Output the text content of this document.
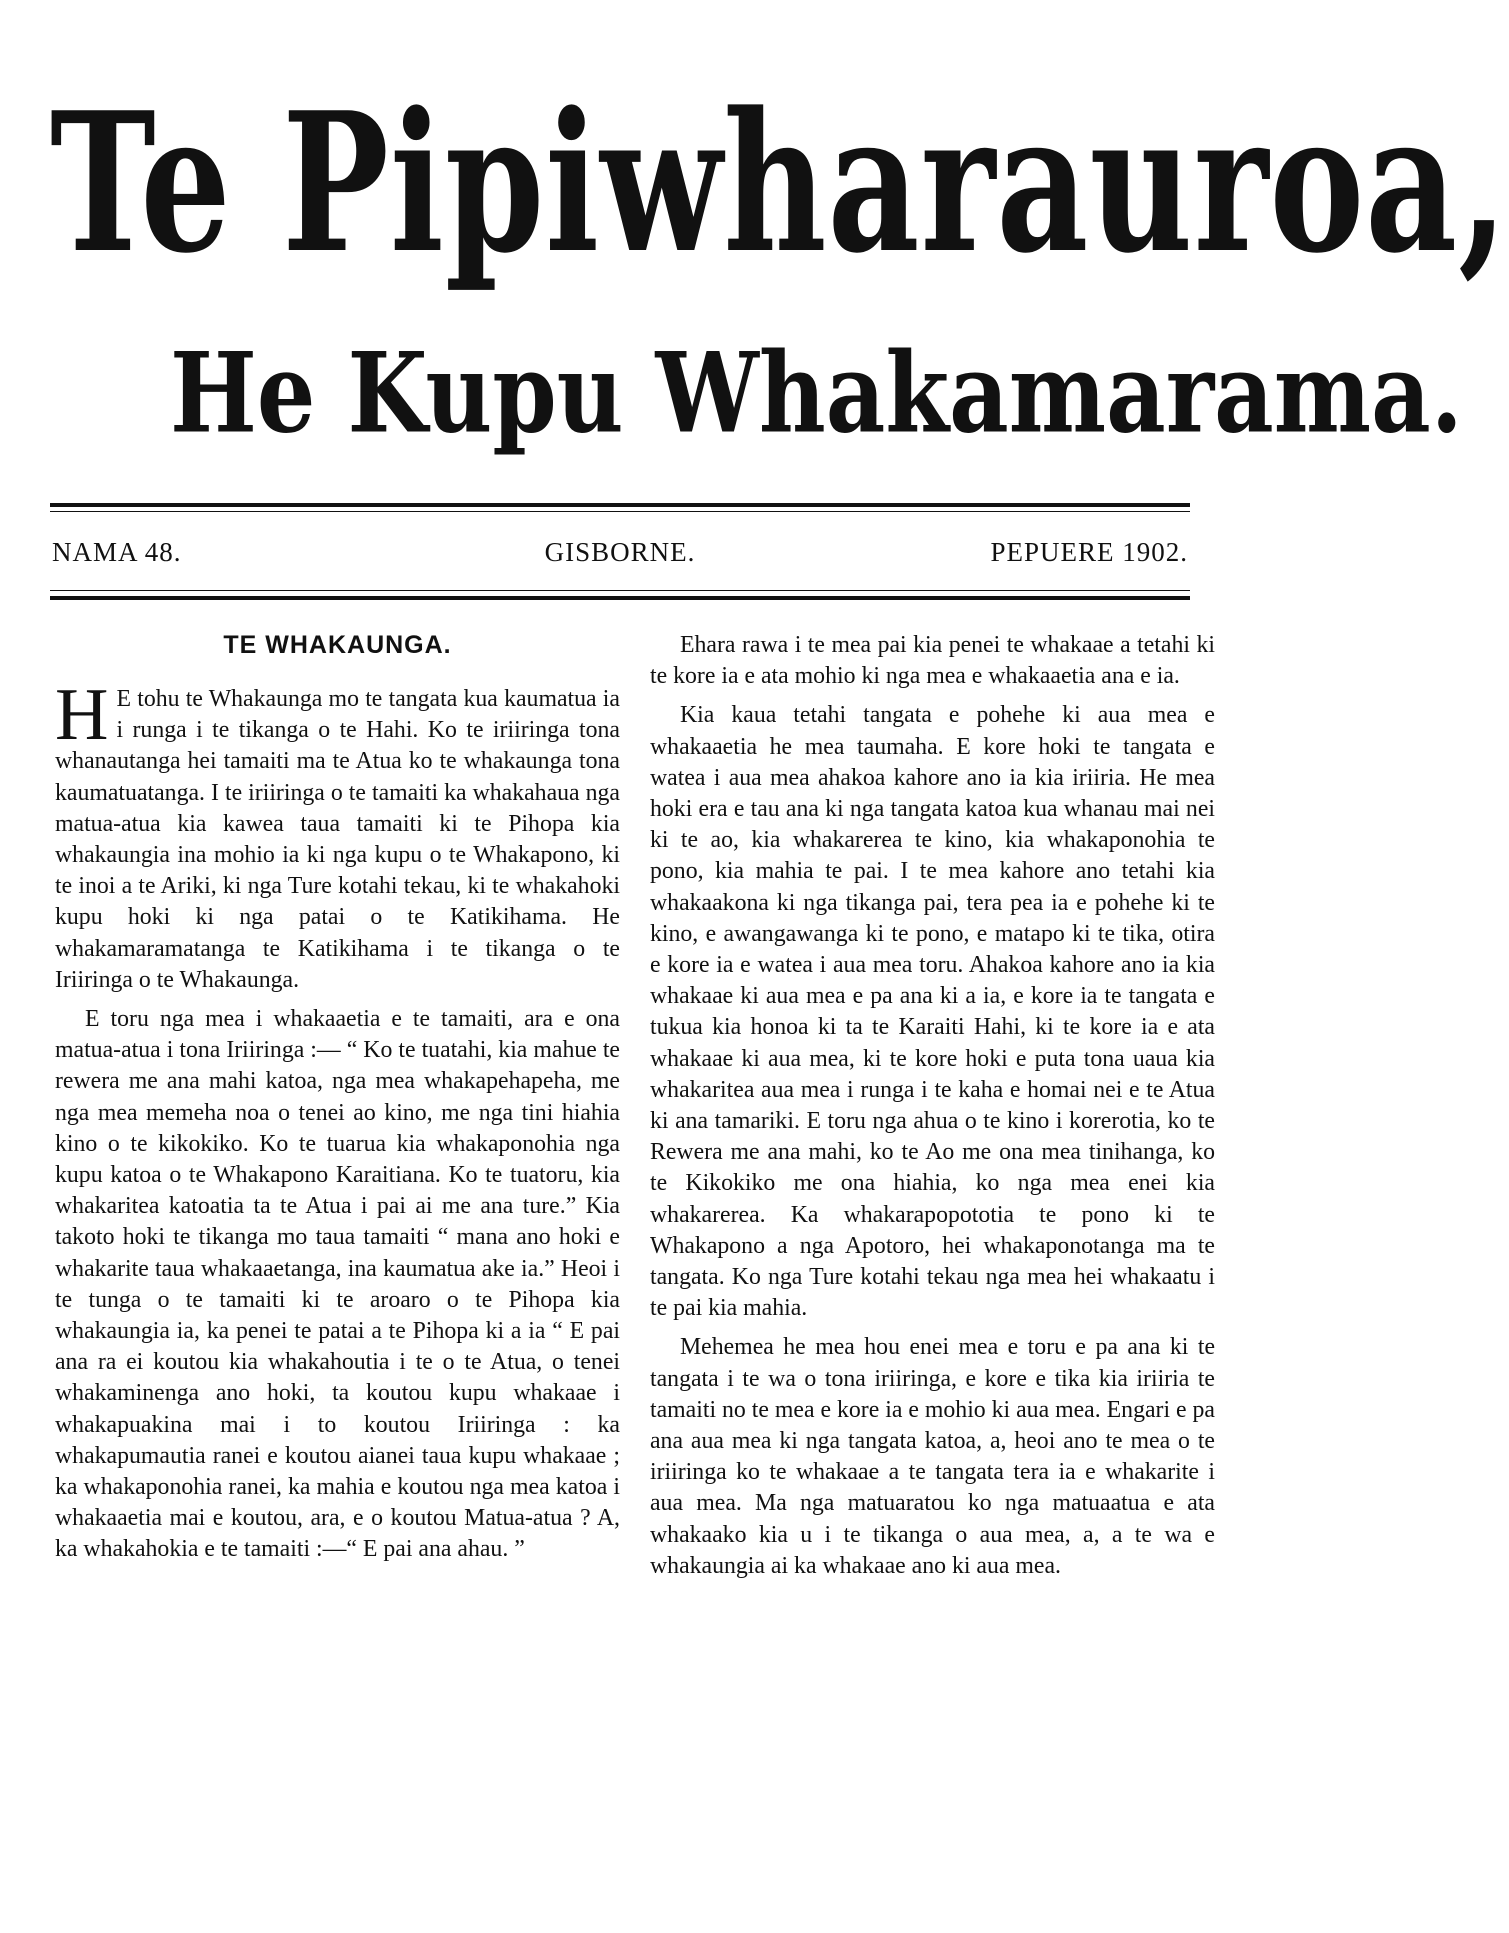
Te Pipiwharauroa,
He Kupu Whakamarama.
NAMA 48.	GISBORNE.	PEPUERE 1902.
TE WHAKAUNGA.

H E tohu te Whakaunga mo te tangata kua kaumatua ia i runga i te tikanga o te Hahi. Ko te iriiringa tona whanautanga hei tamaiti ma te Atua ko te whakaunga tona kaumatuatanga. I te iriiringa o te tamaiti ka whakahaua nga matua-atua kia kawea taua tamaiti ki te Pihopa kia whakaungia ina mohio ia ki nga kupu o te Whakapono, ki te inoi a te Ariki, ki nga Ture kotahi tekau, ki te whakahoki kupu hoki ki nga patai o te Katikihama. He whakamaramatanga te Katikihama i te tikanga o te Iriiringa o te Whakaunga.

E toru nga mea i whakaaetia e te tamaiti, ara e ona matua-atua i tona Iriiringa :— “ Ko te tuatahi, kia mahue te rewera me ana mahi katoa, nga mea whakapehapeha, me nga mea memeha noa o tenei ao kino, me nga tini hiahia kino o te kikokiko. Ko te tuarua kia whakaponohia nga kupu katoa o te Whakapono Karaitiana. Ko te tuatoru, kia whakaritea katoatia ta te Atua i pai ai me ana ture.” Kia takoto hoki te tikanga mo taua tamaiti “ mana ano hoki e whakarite taua whakaaetanga, ina kaumatua ake ia.” Heoi i te tunga o te tamaiti ki te aroaro o te Pihopa kia whakaungia ia, ka penei te patai a te Pihopa ki a ia “ E pai ana ra ei koutou kia whakahoutia i te o te Atua, o tenei whakaminenga ano hoki, ta koutou kupu whakaae i whakapuakina mai i to koutou Iriiringa : ka whakapumautia ranei e koutou aianei taua kupu whakaae ; ka whakaponohia ranei, ka mahia e koutou nga mea katoa i whakaaetia mai e koutou, ara, e o koutou Matua-atua ? A, ka whakahokia e te tamaiti :—“ E pai ana ahau. ”

Ehara rawa i te mea pai kia penei te whakaae a tetahi ki te kore ia e ata mohio ki nga mea e whakaaetia ana e ia.

Kia kaua tetahi tangata e pohehe ki aua mea e whakaaetia he mea taumaha. E kore hoki te tangata e watea i aua mea ahakoa kahore ano ia kia iriiria. He mea hoki era e tau ana ki nga tangata katoa kua whanau mai nei ki te ao, kia whakarerea te kino, kia whakaponohia te pono, kia mahia te pai. I te mea kahore ano tetahi kia whakaakona ki nga tikanga pai, tera pea ia e pohehe ki te kino, e awangawanga ki te pono, e matapo ki te tika, otira e kore ia e watea i aua mea toru. Ahakoa kahore ano ia kia whakaae ki aua mea e pa ana ki a ia, e kore ia te tangata e tukua kia honoa ki ta te Karaiti Hahi, ki te kore ia e ata whakaae ki aua mea, ki te kore hoki e puta tona uaua kia whakaritea aua mea i runga i te kaha e homai nei e te Atua ki ana tamariki. E toru nga ahua o te kino i korerotia, ko te Rewera me ana mahi, ko te Ao me ona mea tinihanga, ko te Kikokiko me ona hiahia, ko nga mea enei kia whakarerea. Ka whakarapopototia te pono ki te Whakapono a nga Apotoro, hei whakaponotanga ma te tangata. Ko nga Ture kotahi tekau nga mea hei whakaatu i te pai kia mahia.

Mehemea he mea hou enei mea e toru e pa ana ki te tangata i te wa o tona iriiringa, e kore e tika kia iriiria te tamaiti no te mea e kore ia e mohio ki aua mea. Engari e pa ana aua mea ki nga tangata katoa, a, heoi ano te mea o te iriiringa ko te whakaae a te tangata tera ia e whakarite i aua mea. Ma nga matuaratou ko nga matuaatua e ata whakaako kia u i te tikanga o aua mea, a, a te wa e whakaungia ai ka whakaae ano ki aua mea.
